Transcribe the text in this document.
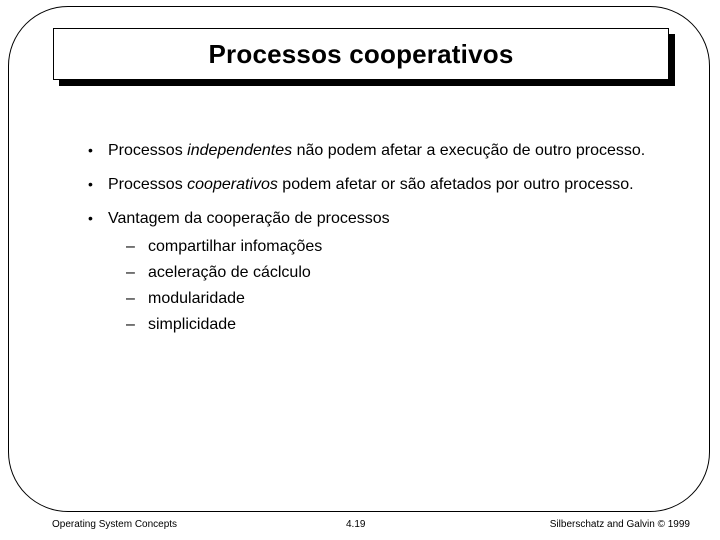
Processos cooperativos
• Processos independentes não podem afetar a execução de outro processo.
• Processos cooperativos podem afetar or são afetados por outro processo.
• Vantagem da cooperação de processos
– compartilhar infomações
– aceleração de cáclculo
– modularidade
– simplicidade
Operating System Concepts	4.19	Silberschatz and Galvin © 1999
